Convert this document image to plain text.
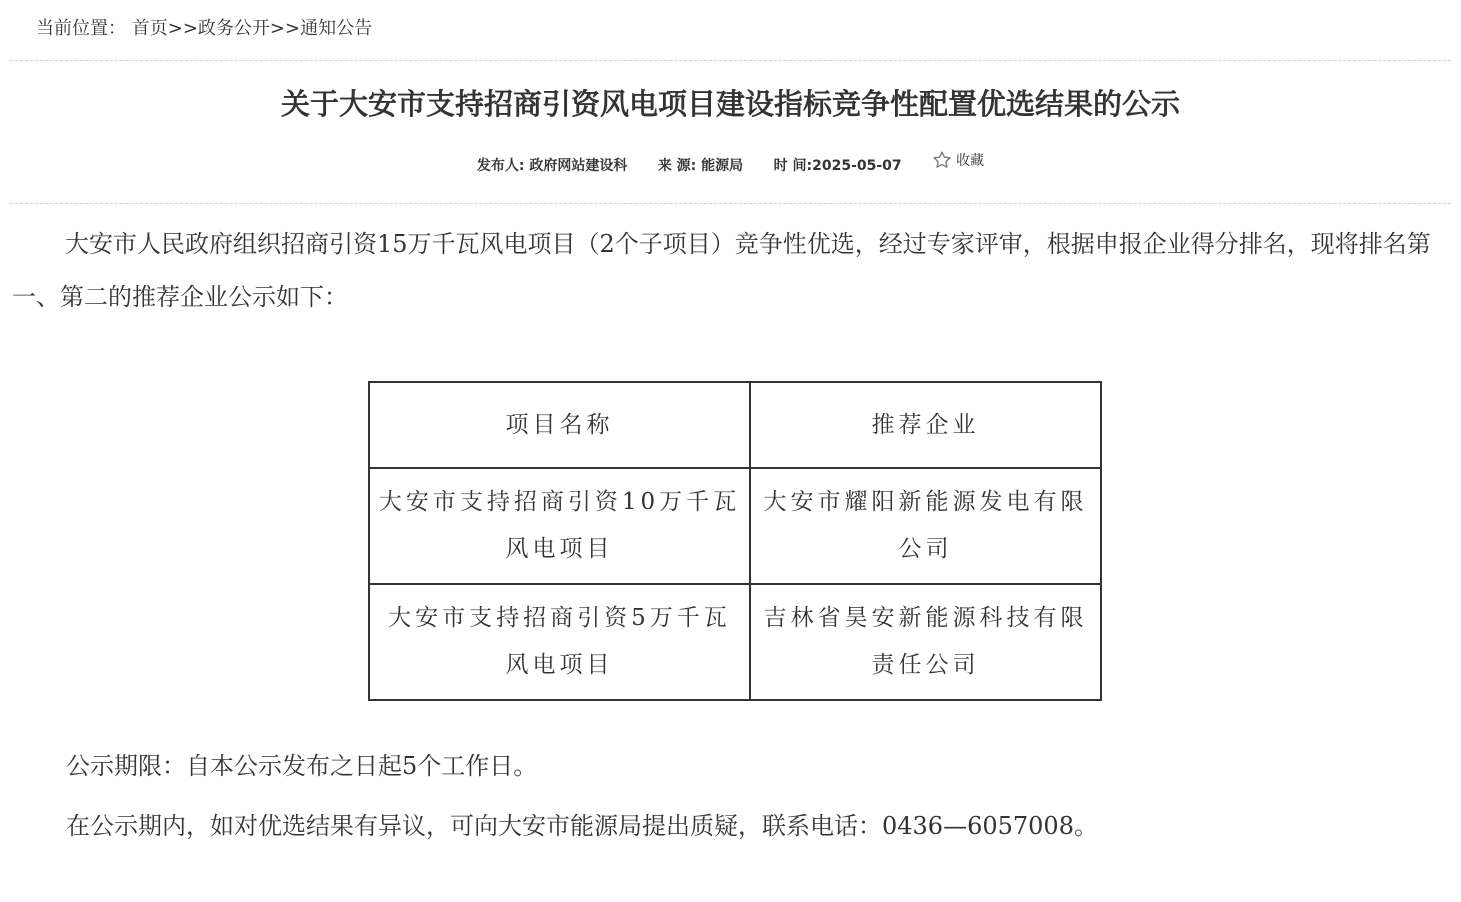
当前位置： 首页>>政务公开>>通知公告
关于大安市支持招商引资风电项目建设指标竞争性配置优选结果的公示
发布人: 政府网站建设科 来 源: 能源局 时 间:2025-05-07	收藏
大安市人民政府组织招商引资15万千瓦风电项目（2个子项目）竞争性优选，经过专家评审，根据申报企业得分排名，现将排名第一、第二的推荐企业公示如下：
项目名称	推荐企业
大安市支持招商引资10万千瓦风电项目	大安市耀阳新能源发电有限公司
大安市支持招商引资5万千瓦风电项目	吉林省昊安新能源科技有限责任公司
公示期限：自本公示发布之日起5个工作日。
在公示期内，如对优选结果有异议，可向大安市能源局提出质疑，联系电话：0436—6057008。
